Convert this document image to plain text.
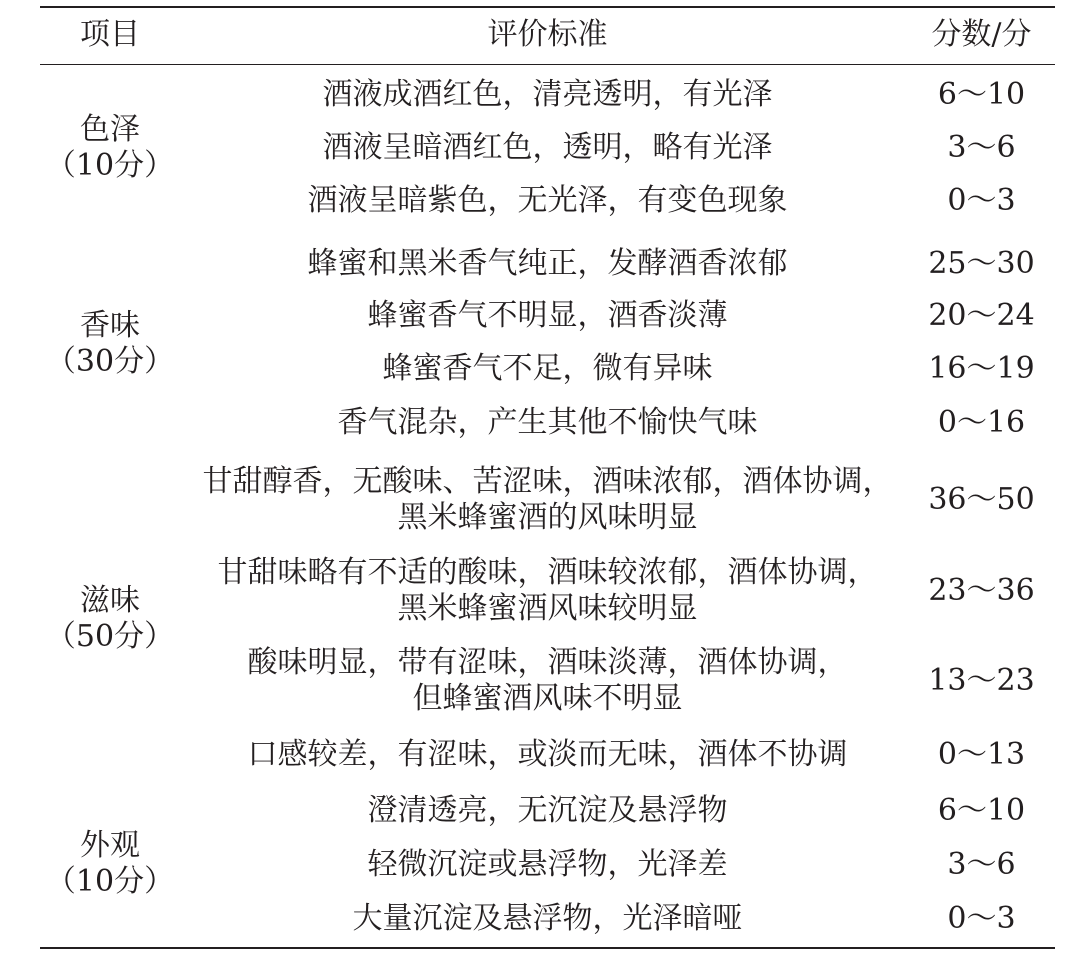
项目	评价标准	分数/分
色泽
（10分）
酒液成酒红色，清亮透明，有光泽	6～10
酒液呈暗酒红色，透明，略有光泽	3～6
酒液呈暗紫色，无光泽，有变色现象	0～3
香味
（30分）
蜂蜜和黑米香气纯正，发酵酒香浓郁	25～30
蜂蜜香气不明显，酒香淡薄	20～24
蜂蜜香气不足，微有异味	16～19
香气混杂，产生其他不愉快气味	0～16
滋味
（50分）
甘甜醇香，无酸味、苦涩味，酒味浓郁，酒体协调，
黑米蜂蜜酒的风味明显
36～50
甘甜味略有不适的酸味，酒味较浓郁，酒体协调，
黑米蜂蜜酒风味较明显
23～36
酸味明显，带有涩味，酒味淡薄，酒体协调，
但蜂蜜酒风味不明显
13～23
口感较差，有涩味，或淡而无味，酒体不协调	0～13
外观
（10分）
澄清透亮，无沉淀及悬浮物	6～10
轻微沉淀或悬浮物，光泽差	3～6
大量沉淀及悬浮物，光泽暗哑	0～3
